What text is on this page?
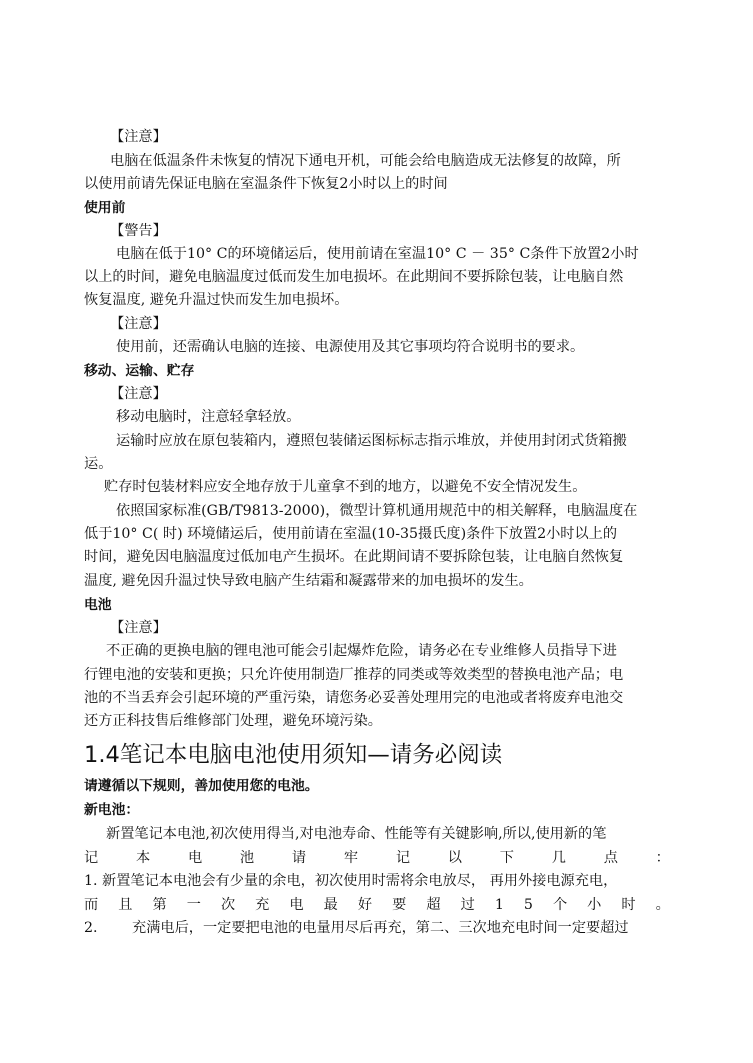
【注意】
电脑在低温条件未恢复的情况下通电开机，可能会给电脑造成无法修复的故障，所
以使用前请先保证电脑在室温条件下恢复2小时以上的时间
使用前
【警告】
电脑在低于10° C的环境储运后，使用前请在室温10° C － 35° C条件下放置2小时
以上的时间，避免电脑温度过低而发生加电损坏。在此期间不要拆除包装，让电脑自然
恢复温度, 避免升温过快而发生加电损坏。
【注意】
使用前，还需确认电脑的连接、电源使用及其它事项均符合说明书的要求。
移动、运输、贮存
【注意】
移动电脑时，注意轻拿轻放。
运输时应放在原包装箱内，遵照包装储运图标标志指示堆放，并使用封闭式货箱搬
运。
贮存时包装材料应安全地存放于儿童拿不到的地方，以避免不安全情况发生。
依照国家标准(GB/T9813-2000)，微型计算机通用规范中的相关解释，电脑温度在
低于10° C( 时) 环境储运后，使用前请在室温(10-35摄氏度)条件下放置2小时以上的
时间，避免因电脑温度过低加电产生损坏。在此期间请不要拆除包装，让电脑自然恢复
温度, 避免因升温过快导致电脑产生结霜和凝露带来的加电损坏的发生。
电池
【注意】
不正确的更换电脑的锂电池可能会引起爆炸危险，请务必在专业维修人员指导下进
行锂电池的安装和更换；只允许使用制造厂推荐的同类或等效类型的替换电池产品；电
池的不当丢弃会引起环境的严重污染，请您务必妥善处理用完的电池或者将废弃电池交
还方正科技售后维修部门处理，避免环境污染。
1.4笔记本电脑电池使用须知—请务必阅读
请遵循以下规则，善加使用您的电池。
新电池：
新置笔记本电池,初次使用得当,对电池寿命、性能等有关键影响,所以,使用新的笔
记	本	电	池	请	牢	记	以	下	几	点	：
1. 新置笔记本电池会有少量的余电，初次使用时需将余电放尽， 再用外接电源充电，
而 且 第 一 次 充 电 最 好 要 超 过 1 5 个 小 时 。
2.	充满电后，一定要把电池的电量用尽后再充，第二、三次地充电时间一定要超过
